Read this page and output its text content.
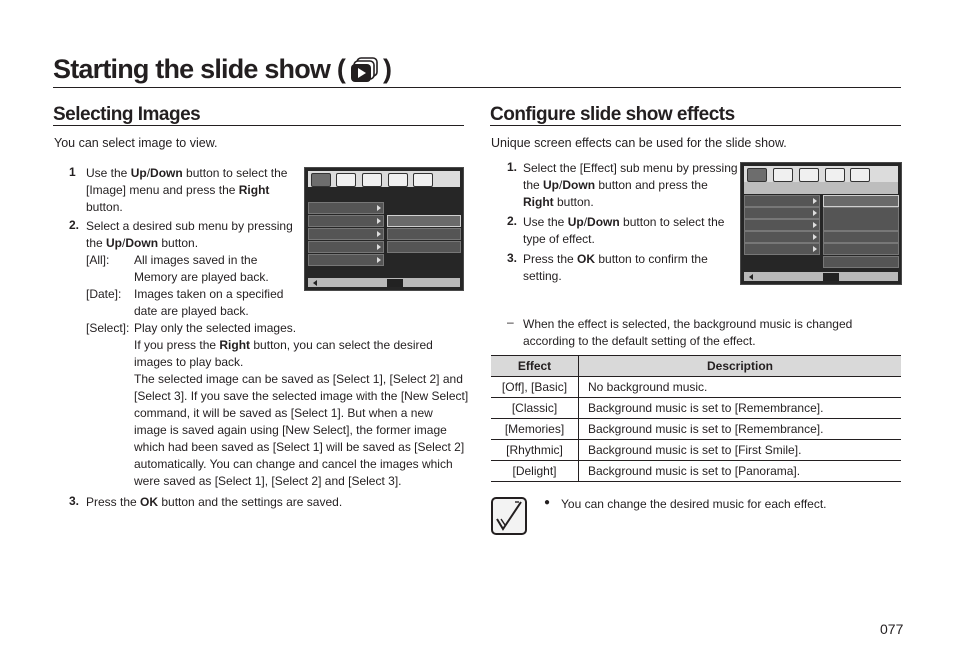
Starting the slide show ( )
Selecting Images
You can select image to view.
1 Use the Up/Down button to select the
[Image] menu and press the Right
button.
2. Select a desired sub menu by pressing
the Up/Down button.
[All]: All images saved in the
Memory are played back.
[Date]: Images taken on a specified
date are played back.
[Select]: Play only the selected images.
If you press the Right button, you can select the desired
images to play back.
The selected image can be saved as [Select 1], [Select 2] and
[Select 3]. If you save the selected image with the [New Select]
command, it will be saved as [Select 1]. But when a new
image is saved again using [New Select], the former image
which had been saved as [Select 1] will be saved as [Select 2]
automatically. You can change and cancel the images which
were saved as [Select 1], [Select 2] and [Select 3].
3. Press the OK button and the settings are saved.
Configure slide show effects
Unique screen effects can be used for the slide show.
1. Select the [Effect] sub menu by pressing
the Up/Down button and press the
Right button.
2. Use the Up/Down button to select the
type of effect.
3. Press the OK button to confirm the
setting.
– When the effect is selected, the background music is changed
according to the default setting of the effect.
Effect	Description
[Off], [Basic]	No background music.
[Classic]	Background music is set to [Remembrance].
[Memories]	Background music is set to [Remembrance].
[Rhythmic]	Background music is set to [First Smile].
[Delight]	Background music is set to [Panorama].
● You can change the desired music for each effect.
077
